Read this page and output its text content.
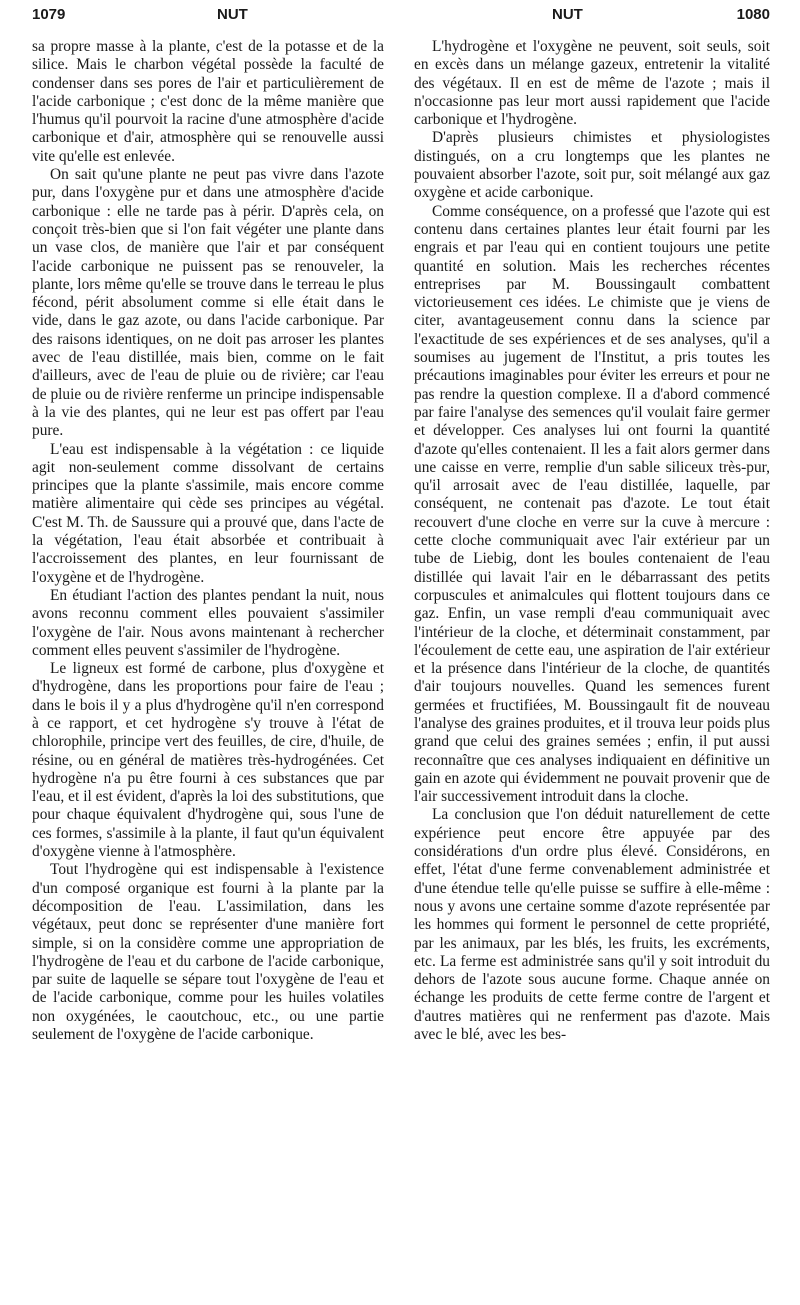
1079	NUT	NUT	1080

sa propre masse à la plante, c'est de la potasse et de la silice. Mais le charbon végétal possède la faculté de condenser dans ses pores de l'air et particulièrement de l'acide carbonique ; c'est donc de la même manière que l'humus qu'il pourvoit la racine d'une atmosphère d'acide carbonique et d'air, atmosphère qui se renouvelle aussi vite qu'elle est enlevée.

On sait qu'une plante ne peut pas vivre dans l'azote pur, dans l'oxygène pur et dans une atmosphère d'acide carbonique : elle ne tarde pas à périr. D'après cela, on conçoit très-bien que si l'on fait végéter une plante dans un vase clos, de manière que l'air et par conséquent l'acide carbonique ne puissent pas se renouveler, la plante, lors même qu'elle se trouve dans le terreau le plus fécond, périt absolument comme si elle était dans le vide, dans le gaz azote, ou dans l'acide carbonique. Par des raisons identiques, on ne doit pas arroser les plantes avec de l'eau distillée, mais bien, comme on le fait d'ailleurs, avec de l'eau de pluie ou de rivière; car l'eau de pluie ou de rivière renferme un principe indispensable à la vie des plantes, qui ne leur est pas offert par l'eau pure.

L'eau est indispensable à la végétation : ce liquide agit non-seulement comme dissolvant de certains principes que la plante s'assimile, mais encore comme matière alimentaire qui cède ses principes au végétal. C'est M. Th. de Saussure qui a prouvé que, dans l'acte de la végétation, l'eau était absorbée et contribuait à l'accroissement des plantes, en leur fournissant de l'oxygène et de l'hydrogène.

En étudiant l'action des plantes pendant la nuit, nous avons reconnu comment elles pouvaient s'assimiler l'oxygène de l'air. Nous avons maintenant à rechercher comment elles peuvent s'assimiler de l'hydrogène.

Le ligneux est formé de carbone, plus d'oxygène et d'hydrogène, dans les proportions pour faire de l'eau ; dans le bois il y a plus d'hydrogène qu'il n'en correspond à ce rapport, et cet hydrogène s'y trouve à l'état de chlorophile, principe vert des feuilles, de cire, d'huile, de résine, ou en général de matières très-hydrogénées. Cet hydrogène n'a pu être fourni à ces substances que par l'eau, et il est évident, d'après la loi des substitutions, que pour chaque équivalent d'hydrogène qui, sous l'une de ces formes, s'assimile à la plante, il faut qu'un équivalent d'oxygène vienne à l'atmosphère.

Tout l'hydrogène qui est indispensable à l'existence d'un composé organique est fourni à la plante par la décomposition de l'eau. L'assimilation, dans les végétaux, peut donc se représenter d'une manière fort simple, si on la considère comme une appropriation de l'hydrogène de l'eau et du carbone de l'acide carbonique, par suite de laquelle se sépare tout l'oxygène de l'eau et de l'acide carbonique, comme pour les huiles volatiles non oxygénées, le caoutchouc, etc., ou une partie seulement de l'oxygène de l'acide carbonique.

L'hydrogène et l'oxygène ne peuvent, soit seuls, soit en excès dans un mélange gazeux, entretenir la vitalité des végétaux. Il en est de même de l'azote ; mais il n'occasionne pas leur mort aussi rapidement que l'acide carbonique et l'hydrogène.

D'après plusieurs chimistes et physiologistes distingués, on a cru longtemps que les plantes ne pouvaient absorber l'azote, soit pur, soit mélangé aux gaz oxygène et acide carbonique.

Comme conséquence, on a professé que l'azote qui est contenu dans certaines plantes leur était fourni par les engrais et par l'eau qui en contient toujours une petite quantité en solution. Mais les recherches récentes entreprises par M. Boussingault combattent victorieusement ces idées. Le chimiste que je viens de citer, avantageusement connu dans la science par l'exactitude de ses expériences et de ses analyses, qu'il a soumises au jugement de l'Institut, a pris toutes les précautions imaginables pour éviter les erreurs et pour ne pas rendre la question complexe. Il a d'abord commencé par faire l'analyse des semences qu'il voulait faire germer et développer. Ces analyses lui ont fourni la quantité d'azote qu'elles contenaient. Il les a fait alors germer dans une caisse en verre, remplie d'un sable siliceux très-pur, qu'il arrosait avec de l'eau distillée, laquelle, par conséquent, ne contenait pas d'azote. Le tout était recouvert d'une cloche en verre sur la cuve à mercure : cette cloche communiquait avec l'air extérieur par un tube de Liebig, dont les boules contenaient de l'eau distillée qui lavait l'air en le débarrassant des petits corpuscules et animalcules qui flottent toujours dans ce gaz. Enfin, un vase rempli d'eau communiquait avec l'intérieur de la cloche, et déterminait constamment, par l'écoulement de cette eau, une aspiration de l'air extérieur et la présence dans l'intérieur de la cloche, de quantités d'air toujours nouvelles. Quand les semences furent germées et fructifiées, M. Boussingault fit de nouveau l'analyse des graines produites, et il trouva leur poids plus grand que celui des graines semées ; enfin, il put aussi reconnaître que ces analyses indiquaient en définitive un gain en azote qui évidemment ne pouvait provenir que de l'air successivement introduit dans la cloche.

La conclusion que l'on déduit naturellement de cette expérience peut encore être appuyée par des considérations d'un ordre plus élevé. Considérons, en effet, l'état d'une ferme convenablement administrée et d'une étendue telle qu'elle puisse se suffire à elle-même : nous y avons une certaine somme d'azote représentée par les hommes qui forment le personnel de cette propriété, par les animaux, par les blés, les fruits, les excréments, etc. La ferme est administrée sans qu'il y soit introduit du dehors de l'azote sous aucune forme. Chaque année on échange les produits de cette ferme contre de l'argent et d'autres matières qui ne renferment pas d'azote. Mais avec le blé, avec les bes-
